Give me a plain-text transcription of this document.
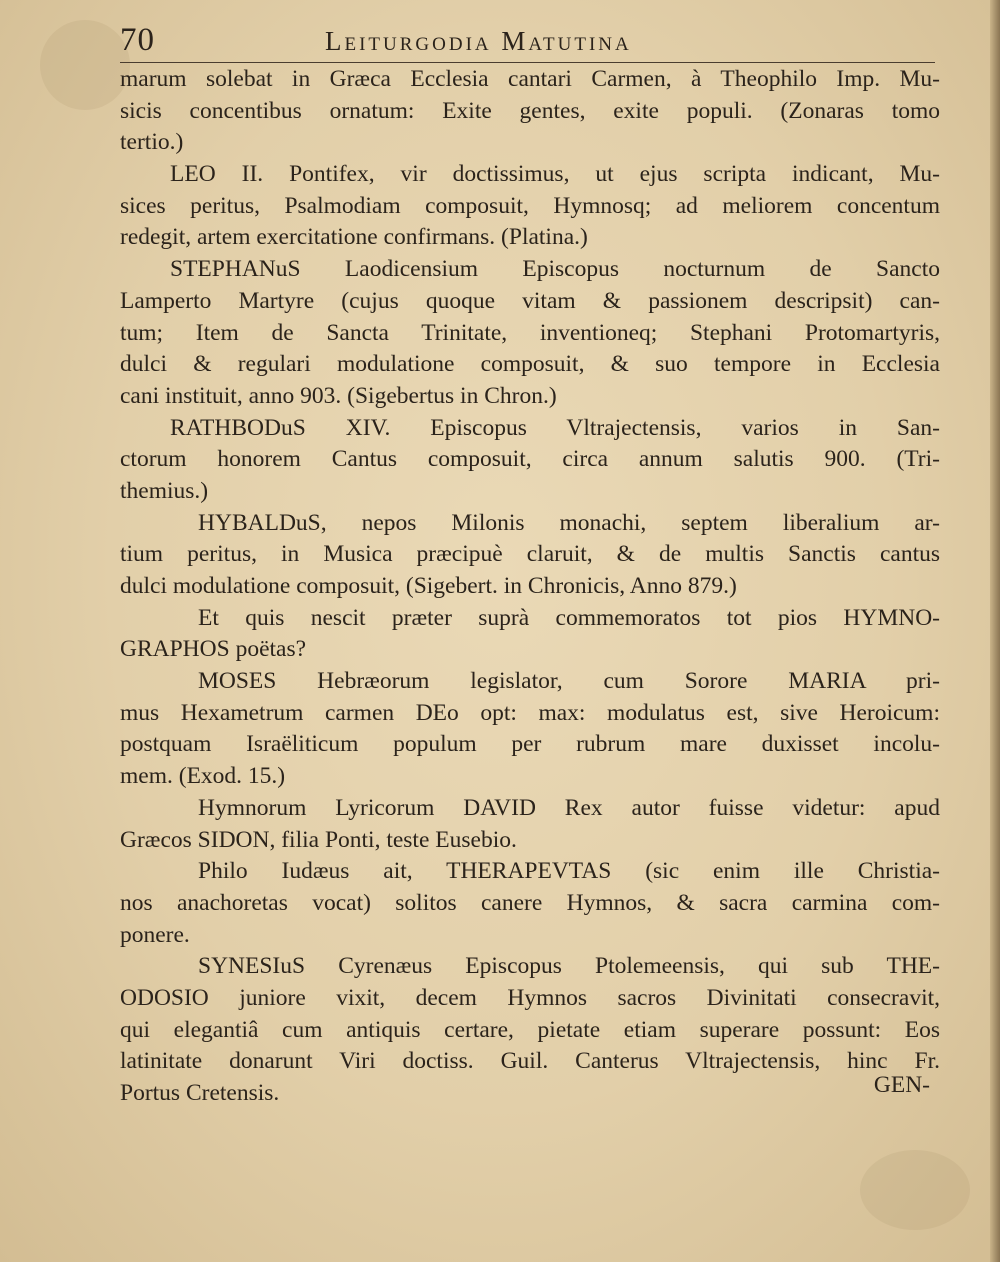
70	Leiturgodia Matutina
marum solebat in Græca Ecclesia cantari Carmen, à Theophilo Imp. Mu-
sicis concentibus ornatum: Exite gentes, exite populi. (Zonaras tomo
tertio.)
LEO II. Pontifex, vir doctissimus, ut ejus scripta indicant, Mu-
sices peritus, Psalmodiam composuit, Hymnosq; ad meliorem concentum
redegit, artem exercitatione confirmans. (Platina.)
STEPHANuS Laodicensium Episcopus nocturnum de Sancto
Lamperto Martyre (cujus quoque vitam & passionem descripsit) can-
tum; Item de Sancta Trinitate, inventioneq; Stephani Protomartyris,
dulci & regulari modulatione composuit, & suo tempore in Ecclesia
cani instituit, anno 903. (Sigebertus in Chron.)
RATHBODuS XIV. Episcopus Vltrajectensis, varios in San-
ctorum honorem Cantus composuit, circa annum salutis 900. (Tri-
themius.)
HYBALDuS, nepos Milonis monachi, septem liberalium ar-
tium peritus, in Musica præcipuè claruit, & de multis Sanctis cantus
dulci modulatione composuit, (Sigebert. in Chronicis, Anno 879.)
Et quis nescit præter suprà commemoratos tot pios HYMNO-
GRAPHOS poëtas?
MOSES Hebræorum legislator, cum Sorore MARIA pri-
mus Hexametrum carmen DEo opt: max: modulatus est, sive Heroicum:
postquam Israëliticum populum per rubrum mare duxisset incolu-
mem. (Exod. 15.)
Hymnorum Lyricorum DAVID Rex autor fuisse videtur: apud
Græcos SIDON, filia Ponti, teste Eusebio.
Philo Iudæus ait, THERAPEVTAS (sic enim ille Christia-
nos anachoretas vocat) solitos canere Hymnos, & sacra carmina com-
ponere.
SYNESIuS Cyrenæus Episcopus Ptolemeensis, qui sub THE-
ODOSIO juniore vixit, decem Hymnos sacros Divinitati consecravit,
qui elegantiâ cum antiquis certare, pietate etiam superare possunt: Eos
latinitate donarunt Viri doctiss. Guil. Canterus Vltrajectensis, hinc Fr.
Portus Cretensis.	GEN-
